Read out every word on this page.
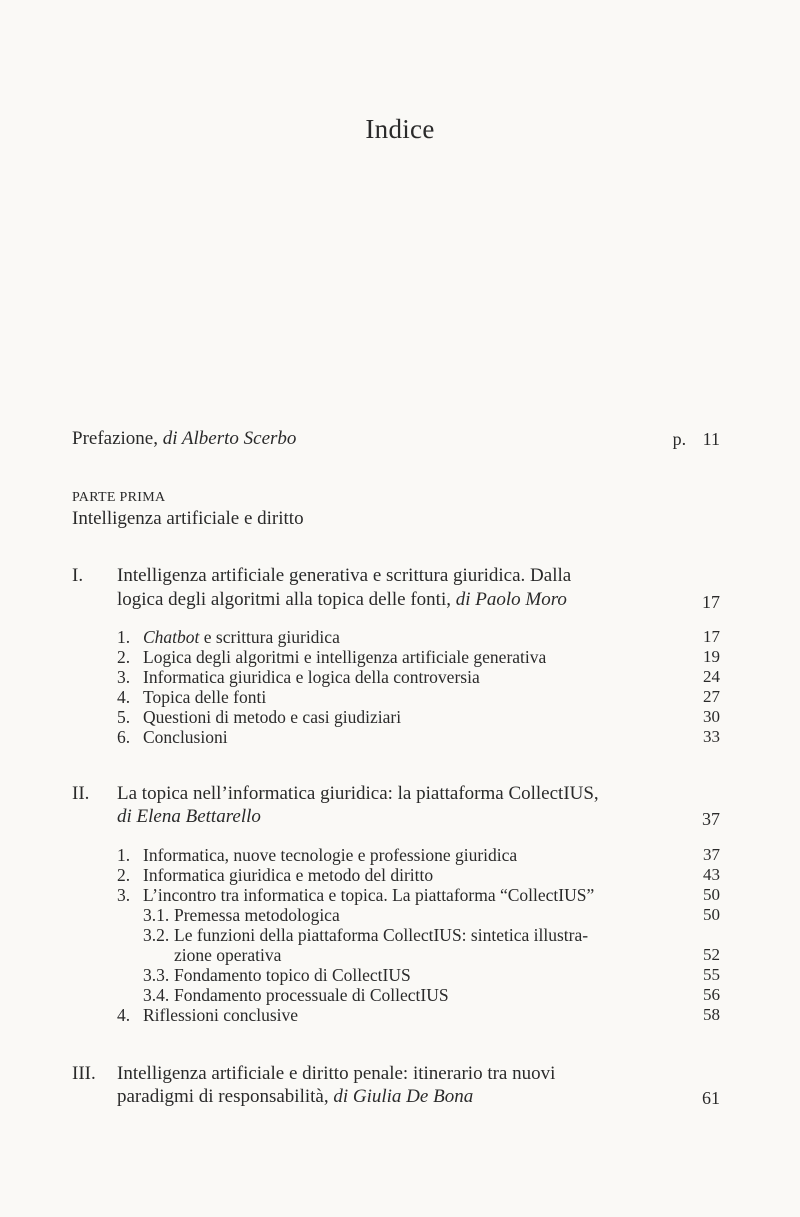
Indice
Prefazione, di Alberto Scerbo	p. 11
PARTE PRIMA
Intelligenza artificiale e diritto
I. Intelligenza artificiale generativa e scrittura giuridica. Dalla
logica degli algoritmi alla topica delle fonti, di Paolo Moro	17
1. Chatbot e scrittura giuridica	17
2. Logica degli algoritmi e intelligenza artificiale generativa	19
3. Informatica giuridica e logica della controversia	24
4. Topica delle fonti	27
5. Questioni di metodo e casi giudiziari	30
6. Conclusioni	33
II. La topica nell’informatica giuridica: la piattaforma CollectIUS,
di Elena Bettarello	37
1. Informatica, nuove tecnologie e professione giuridica	37
2. Informatica giuridica e metodo del diritto	43
3. L’incontro tra informatica e topica. La piattaforma “CollectIUS”	50
3.1. Premessa metodologica	50
3.2. Le funzioni della piattaforma CollectIUS: sintetica illustra-
zione operativa	52
3.3. Fondamento topico di CollectIUS	55
3.4. Fondamento processuale di CollectIUS	56
4. Riflessioni conclusive	58
III. Intelligenza artificiale e diritto penale: itinerario tra nuovi
paradigmi di responsabilità, di Giulia De Bona	61
